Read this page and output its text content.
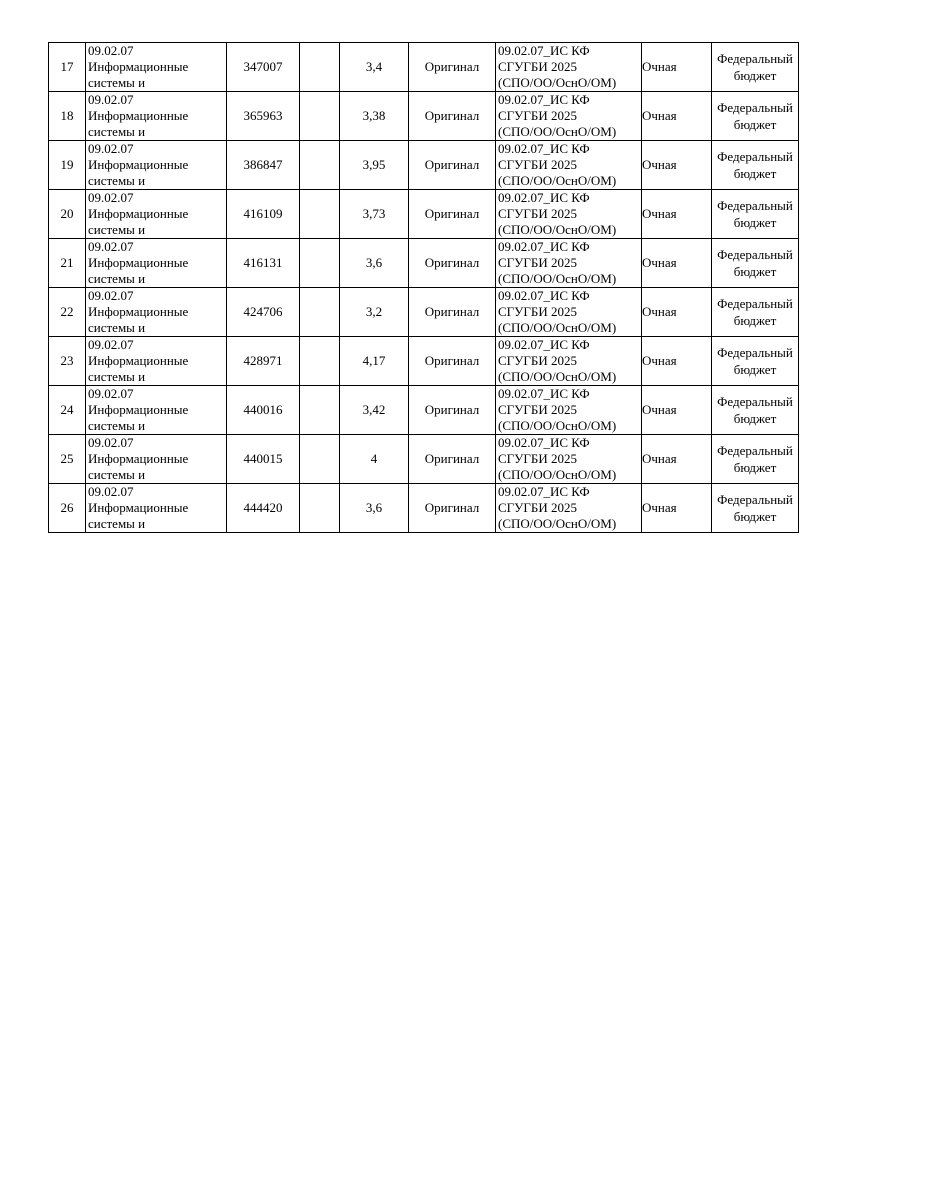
17	09.02.07
Информационные
системы и	347007		3,4	Оригинал	09.02.07_ИС КФ
СГУГБИ 2025
(СПО/ОО/ОснО/ОМ)	Очная	Федеральный
бюджет

18	09.02.07
Информационные
системы и	365963		3,38	Оригинал	09.02.07_ИС КФ
СГУГБИ 2025
(СПО/ОО/ОснО/ОМ)	Очная	Федеральный
бюджет

19	09.02.07
Информационные
системы и	386847		3,95	Оригинал	09.02.07_ИС КФ
СГУГБИ 2025
(СПО/ОО/ОснО/ОМ)	Очная	Федеральный
бюджет

20	09.02.07
Информационные
системы и	416109		3,73	Оригинал	09.02.07_ИС КФ
СГУГБИ 2025
(СПО/ОО/ОснО/ОМ)	Очная	Федеральный
бюджет

21	09.02.07
Информационные
системы и	416131		3,6	Оригинал	09.02.07_ИС КФ
СГУГБИ 2025
(СПО/ОО/ОснО/ОМ)	Очная	Федеральный
бюджет

22	09.02.07
Информационные
системы и	424706		3,2	Оригинал	09.02.07_ИС КФ
СГУГБИ 2025
(СПО/ОО/ОснО/ОМ)	Очная	Федеральный
бюджет

23	09.02.07
Информационные
системы и	428971		4,17	Оригинал	09.02.07_ИС КФ
СГУГБИ 2025
(СПО/ОО/ОснО/ОМ)	Очная	Федеральный
бюджет

24	09.02.07
Информационные
системы и	440016		3,42	Оригинал	09.02.07_ИС КФ
СГУГБИ 2025
(СПО/ОО/ОснО/ОМ)	Очная	Федеральный
бюджет

25	09.02.07
Информационные
системы и	440015		4	Оригинал	09.02.07_ИС КФ
СГУГБИ 2025
(СПО/ОО/ОснО/ОМ)	Очная	Федеральный
бюджет

26	09.02.07
Информационные
системы и	444420		3,6	Оригинал	09.02.07_ИС КФ
СГУГБИ 2025
(СПО/ОО/ОснО/ОМ)	Очная	Федеральный
бюджет
